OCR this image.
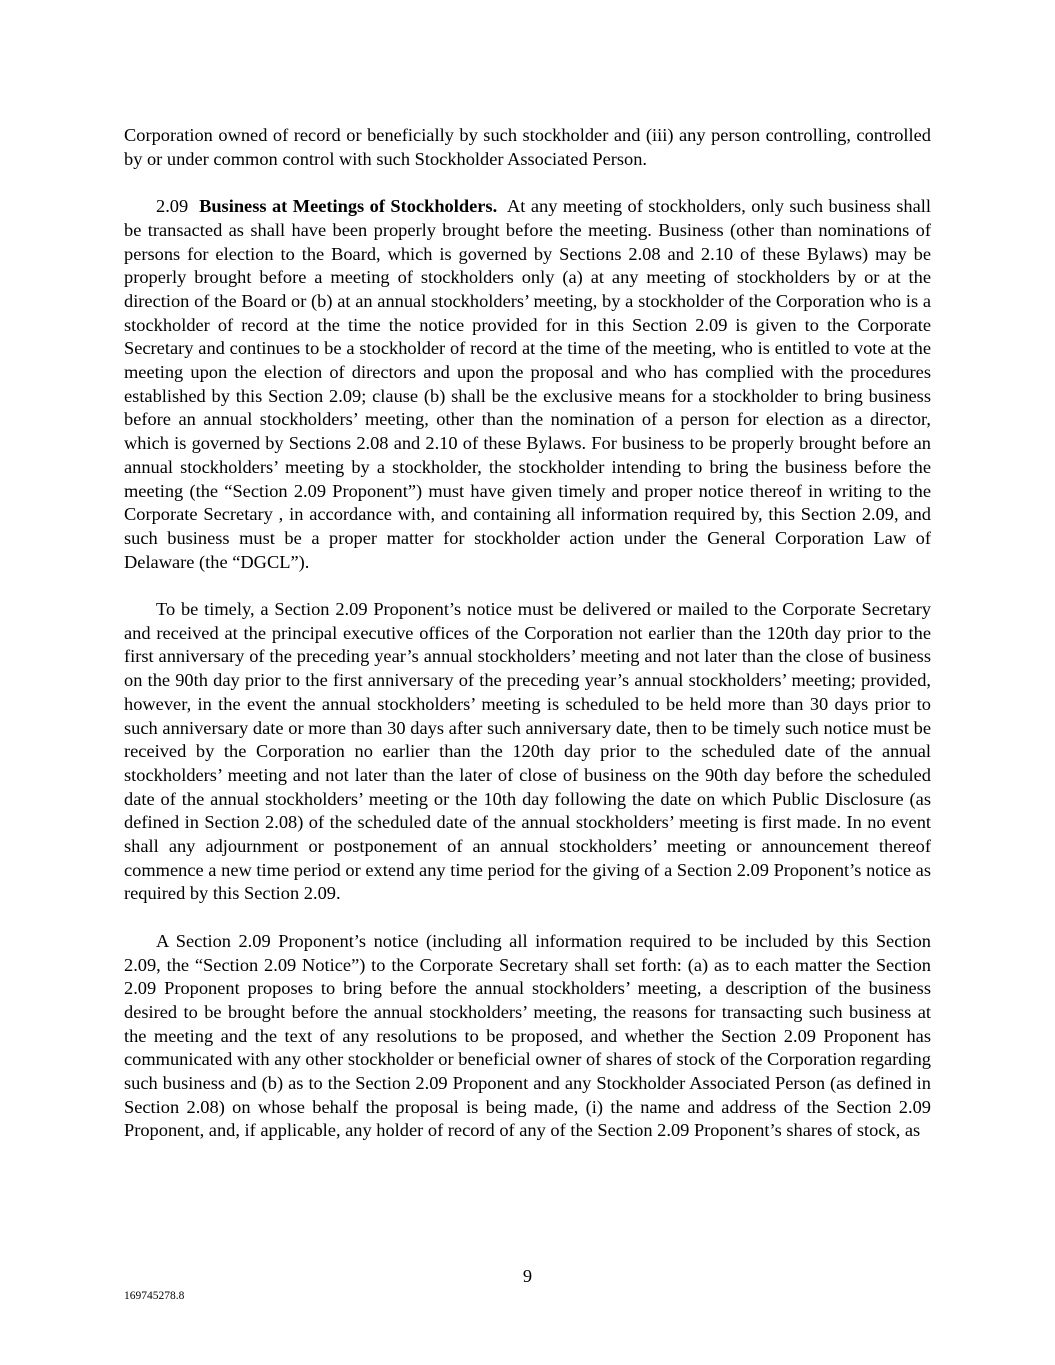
Corporation owned of record or beneficially by such stockholder and (iii) any person controlling, controlled by or under common control with such Stockholder Associated Person.

2.09 Business at Meetings of Stockholders. At any meeting of stockholders, only such business shall be transacted as shall have been properly brought before the meeting. Business (other than nominations of persons for election to the Board, which is governed by Sections 2.08 and 2.10 of these Bylaws) may be properly brought before a meeting of stockholders only (a) at any meeting of stockholders by or at the direction of the Board or (b) at an annual stockholders’ meeting, by a stockholder of the Corporation who is a stockholder of record at the time the notice provided for in this Section 2.09 is given to the Corporate Secretary and continues to be a stockholder of record at the time of the meeting, who is entitled to vote at the meeting upon the election of directors and upon the proposal and who has complied with the procedures established by this Section 2.09; clause (b) shall be the exclusive means for a stockholder to bring business before an annual stockholders’ meeting, other than the nomination of a person for election as a director, which is governed by Sections 2.08 and 2.10 of these Bylaws. For business to be properly brought before an annual stockholders’ meeting by a stockholder, the stockholder intending to bring the business before the meeting (the “Section 2.09 Proponent”) must have given timely and proper notice thereof in writing to the Corporate Secretary , in accordance with, and containing all information required by, this Section 2.09, and such business must be a proper matter for stockholder action under the General Corporation Law of Delaware (the “DGCL”).

To be timely, a Section 2.09 Proponent’s notice must be delivered or mailed to the Corporate Secretary and received at the principal executive offices of the Corporation not earlier than the 120th day prior to the first anniversary of the preceding year’s annual stockholders’ meeting and not later than the close of business on the 90th day prior to the first anniversary of the preceding year’s annual stockholders’ meeting; provided, however, in the event the annual stockholders’ meeting is scheduled to be held more than 30 days prior to such anniversary date or more than 30 days after such anniversary date, then to be timely such notice must be received by the Corporation no earlier than the 120th day prior to the scheduled date of the annual stockholders’ meeting and not later than the later of close of business on the 90th day before the scheduled date of the annual stockholders’ meeting or the 10th day following the date on which Public Disclosure (as defined in Section 2.08) of the scheduled date of the annual stockholders’ meeting is first made. In no event shall any adjournment or postponement of an annual stockholders’ meeting or announcement thereof commence a new time period or extend any time period for the giving of a Section 2.09 Proponent’s notice as required by this Section 2.09.

A Section 2.09 Proponent’s notice (including all information required to be included by this Section 2.09, the “Section 2.09 Notice”) to the Corporate Secretary shall set forth: (a) as to each matter the Section 2.09 Proponent proposes to bring before the annual stockholders’ meeting, a description of the business desired to be brought before the annual stockholders’ meeting, the reasons for transacting such business at the meeting and the text of any resolutions to be proposed, and whether the Section 2.09 Proponent has communicated with any other stockholder or beneficial owner of shares of stock of the Corporation regarding such business and (b) as to the Section 2.09 Proponent and any Stockholder Associated Person (as defined in Section 2.08) on whose behalf the proposal is being made, (i) the name and address of the Section 2.09 Proponent, and, if applicable, any holder of record of any of the Section 2.09 Proponent’s shares of stock, as

9
169745278.8
